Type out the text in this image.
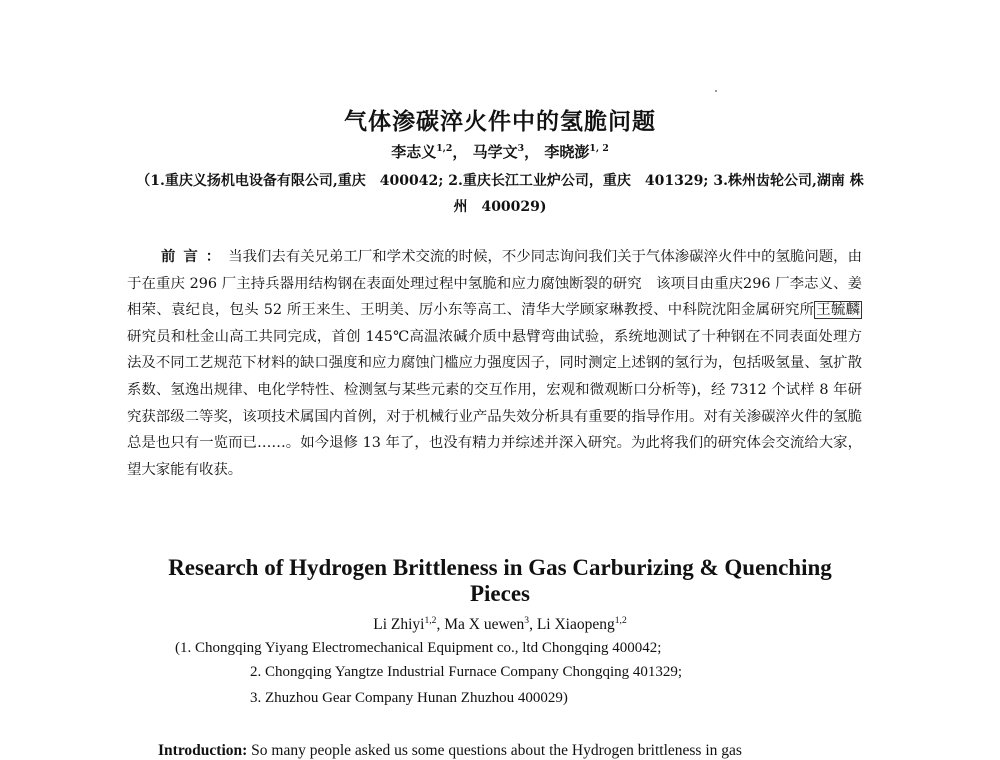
气体渗碳淬火件中的氢脆问题
李志义$^{1,2}$， 马学文$^3$， 李晓澎$^{1, 2}$
（1.重庆义扬机电设备有限公司,重庆　400042; 2.重庆长江工业炉公司，重庆　401329; 3.株州齿轮公司,湖南 株州　400029)
前言：当我们去有关兄弟工厂和学术交流的时候，不少同志询问我们关于气体渗碳淬火件中的氢脆问题，由于在重庆 296 厂主持兵器用结构钢在表面处理过程中氢脆和应力腐蚀断裂的研究　该项目由重庆296 厂李志义、姜相荣、袁纪良，包头 52 所王来生、王明美、厉小东等高工、清华大学顾家琳教授、中科院沈阳金属研究所 王毓麟研究员和杜金山高工共同完成，首创 145℃高温浓碱介质中悬臂弯曲试验，系统地测试了十种钢在不同表面处理方法及不同工艺规范下材料的缺口强度和应力腐蚀门槛应力强度因子，同时测定上述钢的氢行为，包括吸氢量、氢扩散系数、氢逸出规律、电化学特性、检测氢与某些元素的交互作用，宏观和微观断口分析等)，经 7312 个试样 8 年研究获部级二等奖，该项技术属国内首例，对于机械行业产品失效分析具有重要的指导作用。对有关渗碳淬火件的氢脆总是也只有一览而已……。如今退修 13 年了，也没有精力并综述并深入研究。为此将我们的研究体会交流给大家，望大家能有收获。
Research of Hydrogen Brittleness in Gas Carburizing & Quenching Pieces
Li Zhiyi$^{1,2}$, Ma X uewen$^3$, Li Xiaopeng$^{1,2}$
(1. Chongqing Yiyang Electromechanical Equipment co., ltd Chongqing 400042;
2. Chongqing Yangtze Industrial Furnace Company Chongqing 401329;
3. Zhuzhou Gear Company Hunan Zhuzhou 400029)
Introduction: So many people asked us some questions about the Hydrogen brittleness in gas
